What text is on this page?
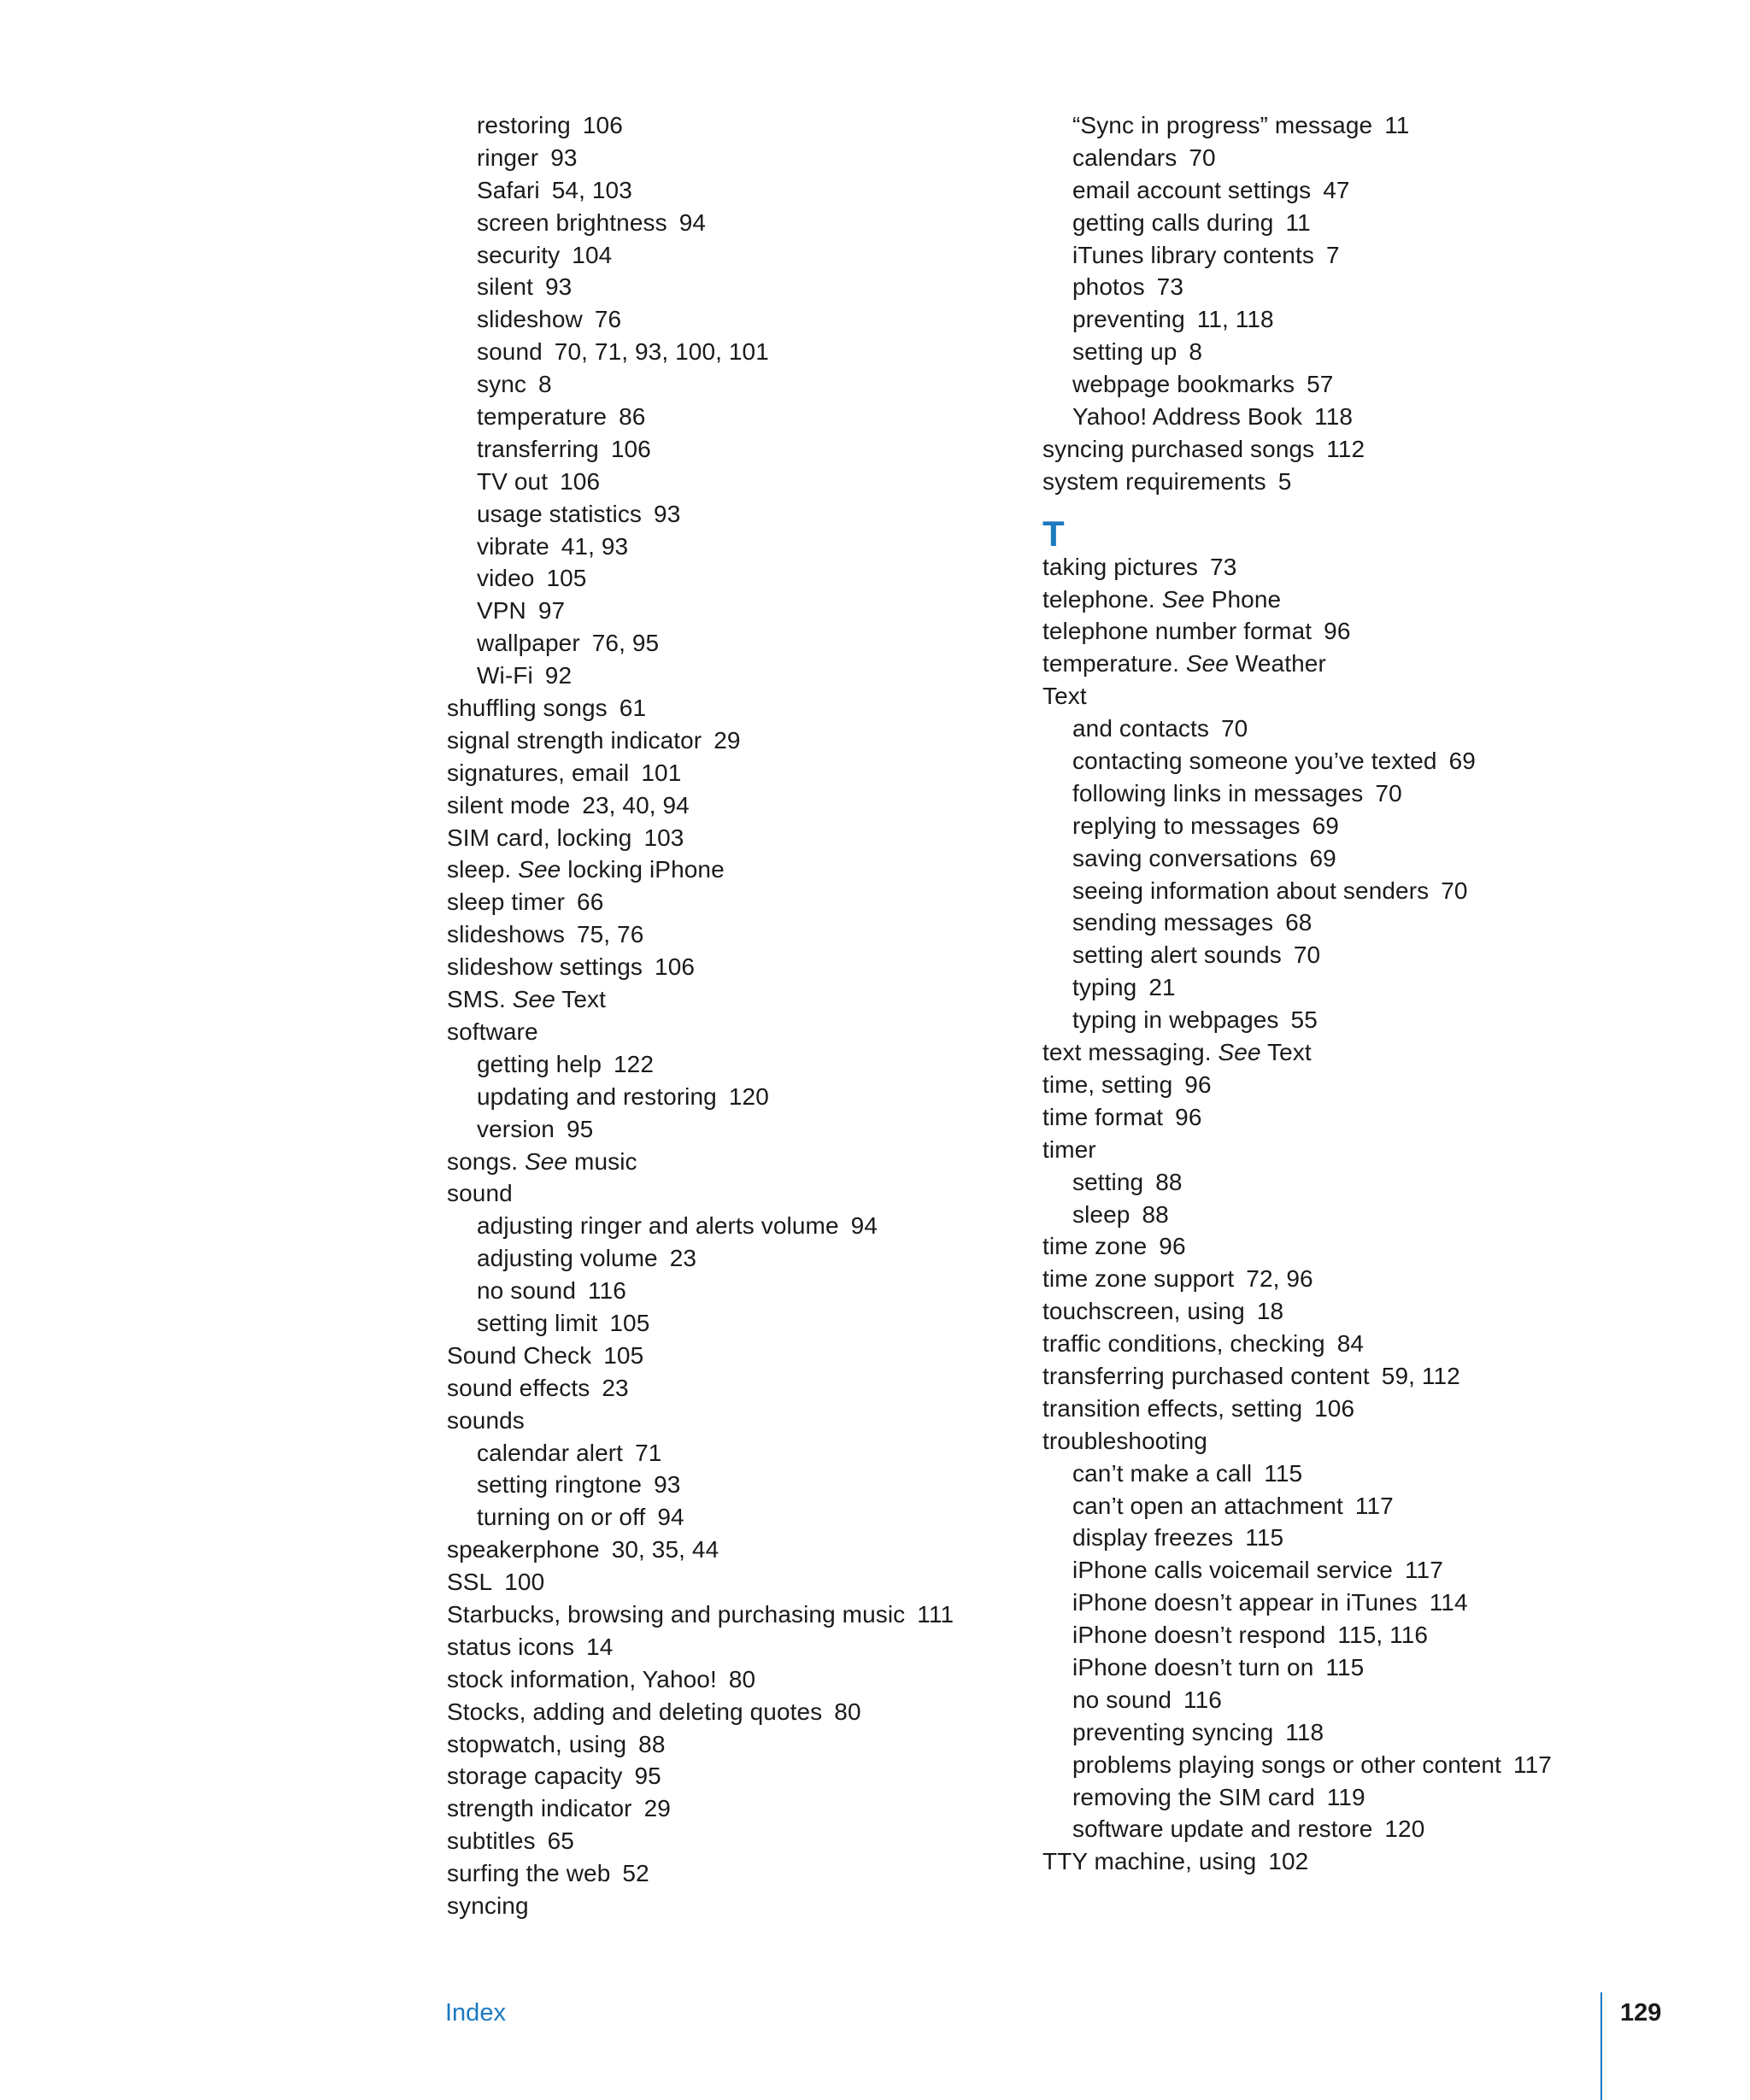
restoring 106
ringer 93
Safari 54, 103
screen brightness 94
security 104
silent 93
slideshow 76
sound 70, 71, 93, 100, 101
sync 8
temperature 86
transferring 106
TV out 106
usage statistics 93
vibrate 41, 93
video 105
VPN 97
wallpaper 76, 95
Wi-Fi 92
shuffling songs 61
signal strength indicator 29
signatures, email 101
silent mode 23, 40, 94
SIM card, locking 103
sleep. See locking iPhone
sleep timer 66
slideshows 75, 76
slideshow settings 106
SMS. See Text
software
getting help 122
updating and restoring 120
version 95
songs. See music
sound
adjusting ringer and alerts volume 94
adjusting volume 23
no sound 116
setting limit 105
Sound Check 105
sound effects 23
sounds
calendar alert 71
setting ringtone 93
turning on or off 94
speakerphone 30, 35, 44
SSL 100
Starbucks, browsing and purchasing music 111
status icons 14
stock information, Yahoo! 80
Stocks, adding and deleting quotes 80
stopwatch, using 88
storage capacity 95
strength indicator 29
subtitles 65
surfing the web 52
syncing
“Sync in progress” message 11
calendars 70
email account settings 47
getting calls during 11
iTunes library contents 7
photos 73
preventing 11, 118
setting up 8
webpage bookmarks 57
Yahoo! Address Book 118
syncing purchased songs 112
system requirements 5
T
taking pictures 73
telephone. See Phone
telephone number format 96
temperature. See Weather
Text
and contacts 70
contacting someone you’ve texted 69
following links in messages 70
replying to messages 69
saving conversations 69
seeing information about senders 70
sending messages 68
setting alert sounds 70
typing 21
typing in webpages 55
text messaging. See Text
time, setting 96
time format 96
timer
setting 88
sleep 88
time zone 96
time zone support 72, 96
touchscreen, using 18
traffic conditions, checking 84
transferring purchased content 59, 112
transition effects, setting 106
troubleshooting
can’t make a call 115
can’t open an attachment 117
display freezes 115
iPhone calls voicemail service 117
iPhone doesn’t appear in iTunes 114
iPhone doesn’t respond 115, 116
iPhone doesn’t turn on 115
no sound 116
preventing syncing 118
problems playing songs or other content 117
removing the SIM card 119
software update and restore 120
TTY machine, using 102
Index	129
